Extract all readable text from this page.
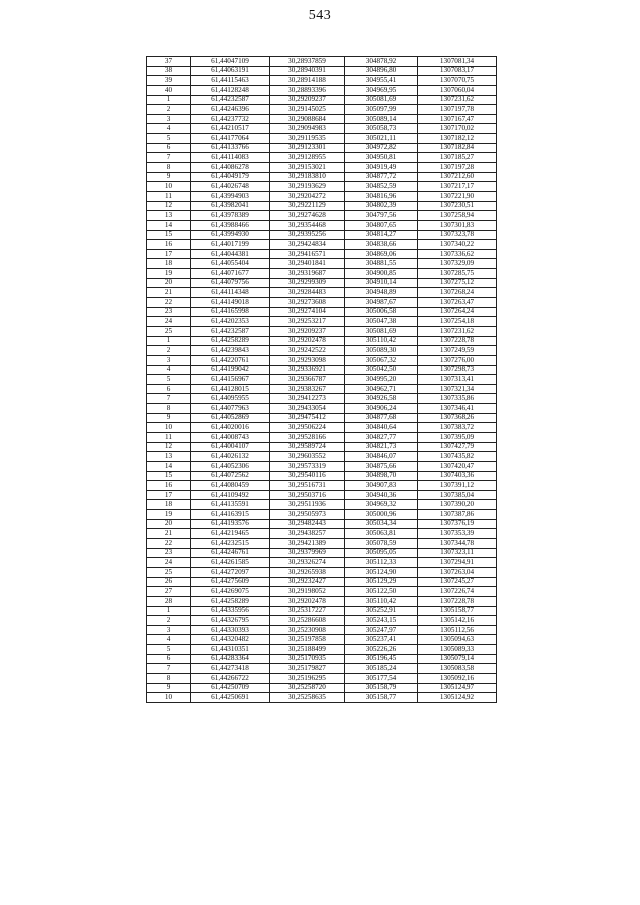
543
37	61,44047109	30,28937859	304878,92	1307081,34
38	61,44063191	30,28940391	304896,80	1307083,17
39	61,44115463	30,28914188	304955,41	1307070,75
40	61,44128248	30,28893396	304969,95	1307060,04
1	61,44232587	30,29209237	305081,69	1307231,62
2	61,44246396	30,29145025	305097,99	1307197,78
3	61,44237732	30,29088684	305089,14	1307167,47
4	61,44210517	30,29094983	305058,73	1307170,02
5	61,44177064	30,29119535	305021,11	1307182,12
6	61,44133766	30,29123301	304972,82	1307182,84
7	61,44114083	30,29128955	304950,81	1307185,27
8	61,44086278	30,29153021	304919,49	1307197,28
9	61,44049179	30,29183810	304877,72	1307212,60
10	61,44026748	30,29193629	304852,59	1307217,17
11	61,43994903	30,29204272	304816,96	1307221,90
12	61,43982041	30,29221129	304802,39	1307230,51
13	61,43978389	30,29274628	304797,56	1307258,94
14	61,43988466	30,29354468	304807,65	1307301,83
15	61,43994930	30,29395256	304814,27	1307323,78
16	61,44017199	30,29424834	304838,66	1307340,22
17	61,44044381	30,29416571	304869,06	1307336,62
18	61,44055404	30,29401841	304881,55	1307329,09
19	61,44071677	30,29319687	304900,85	1307285,75
20	61,44079756	30,29299309	304910,14	1307275,12
21	61,44114348	30,29284483	304948,89	1307268,24
22	61,44149018	30,29273608	304987,67	1307263,47
23	61,44165998	30,29274104	305006,58	1307264,24
24	61,44202353	30,29253217	305047,38	1307254,18
25	61,44232587	30,29209237	305081,69	1307231,62
1	61,44258289	30,29202478	305110,42	1307228,78
2	61,44239843	30,29242522	305089,30	1307249,59
3	61,44220761	30,29293098	305067,32	1307276,00
4	61,44199042	30,29336921	305042,50	1307298,73
5	61,44156967	30,29366787	304995,20	1307313,41
6	61,44128015	30,29383267	304962,71	1307321,34
7	61,44095955	30,29412273	304926,58	1307335,86
8	61,44077963	30,29433054	304906,24	1307346,41
9	61,44052869	30,29475412	304877,68	1307368,26
10	61,44020016	30,29506224	304840,64	1307383,72
11	61,44008743	30,29528166	304827,77	1307395,09
12	61,44004107	30,29589724	304821,73	1307427,79
13	61,44026132	30,29603552	304846,07	1307435,82
14	61,44052306	30,29573319	304875,66	1307420,47
15	61,44072562	30,29540116	304898,70	1307403,36
16	61,44080459	30,29516731	304907,83	1307391,12
17	61,44109492	30,29503716	304940,36	1307385,04
18	61,44135591	30,29511936	304969,32	1307390,20
19	61,44163915	30,29505973	305000,96	1307387,86
20	61,44193576	30,29482443	305034,34	1307376,19
21	61,44219465	30,29438257	305063,81	1307353,39
22	61,44232515	30,29421389	305078,59	1307344,78
23	61,44246761	30,29379969	305095,05	1307323,11
24	61,44261585	30,29326274	305112,33	1307294,91
25	61,44272097	30,29265938	305124,90	1307263,04
26	61,44275609	30,29232427	305129,29	1307245,27
27	61,44269075	30,29198052	305122,50	1307226,74
28	61,44258289	30,29202478	305110,42	1307228,78
1	61,44335956	30,25317227	305252,91	1305158,77
2	61,44326795	30,25286608	305243,15	1305142,16
3	61,44330393	30,25230908	305247,97	1305112,56
4	61,44320482	30,25197858	305237,41	1305094,63
5	61,44310351	30,25188499	305226,26	1305089,33
6	61,44283364	30,25170935	305196,45	1305079,14
7	61,44273418	30,25179827	305185,24	1305083,58
8	61,44266722	30,25196295	305177,54	1305092,16
9	61,44250709	30,25258720	305158,79	1305124,97
10	61,44250691	30,25258635	305158,77	1305124,92
